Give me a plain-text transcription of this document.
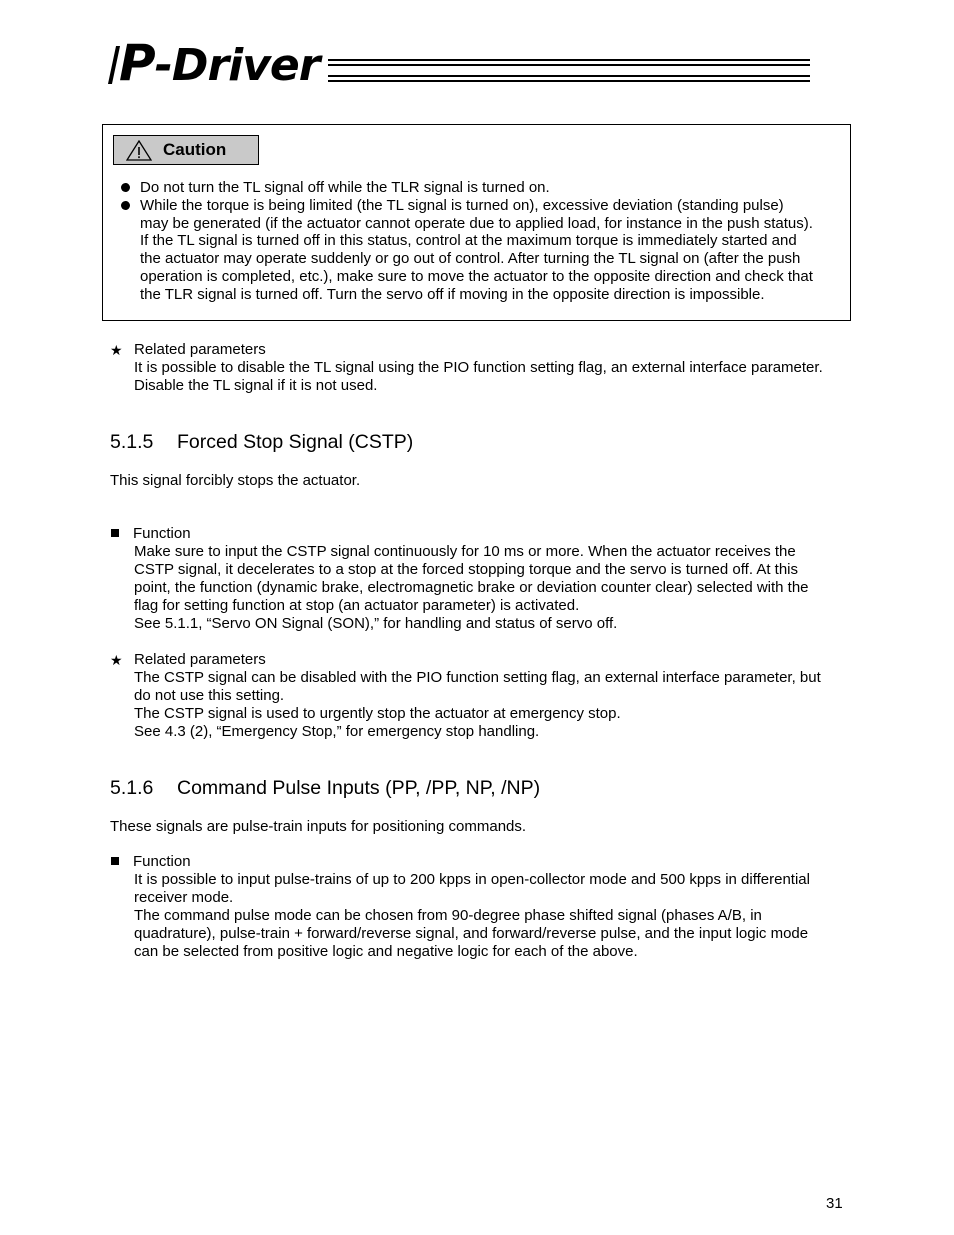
P-Driver
Caution
Do not turn the TL signal off while the TLR signal is turned on.
While the torque is being limited (the TL signal is turned on), excessive deviation (standing pulse)
may be generated (if the actuator cannot operate due to applied load, for instance in the push status).
If the TL signal is turned off in this status, control at the maximum torque is immediately started and
the actuator may operate suddenly or go out of control. After turning the TL signal on (after the push
operation is completed, etc.), make sure to move the actuator to the opposite direction and check that
the TLR signal is turned off. Turn the servo off if moving in the opposite direction is impossible.
★ Related parameters
It is possible to disable the TL signal using the PIO function setting flag, an external interface parameter.
Disable the TL signal if it is not used.
5.1.5 Forced Stop Signal (CSTP)
This signal forcibly stops the actuator.
Function
Make sure to input the CSTP signal continuously for 10 ms or more. When the actuator receives the
CSTP signal, it decelerates to a stop at the forced stopping torque and the servo is turned off. At this
point, the function (dynamic brake, electromagnetic brake or deviation counter clear) selected with the
flag for setting function at stop (an actuator parameter) is activated.
See 5.1.1, “Servo ON Signal (SON),” for handling and status of servo off.
★ Related parameters
The CSTP signal can be disabled with the PIO function setting flag, an external interface parameter, but
do not use this setting.
The CSTP signal is used to urgently stop the actuator at emergency stop.
See 4.3 (2), “Emergency Stop,” for emergency stop handling.
5.1.6 Command Pulse Inputs (PP, /PP, NP, /NP)
These signals are pulse-train inputs for positioning commands.
Function
It is possible to input pulse-trains of up to 200 kpps in open-collector mode and 500 kpps in differential
receiver mode.
The command pulse mode can be chosen from 90-degree phase shifted signal (phases A/B, in
quadrature), pulse-train + forward/reverse signal, and forward/reverse pulse, and the input logic mode
can be selected from positive logic and negative logic for each of the above.
31
